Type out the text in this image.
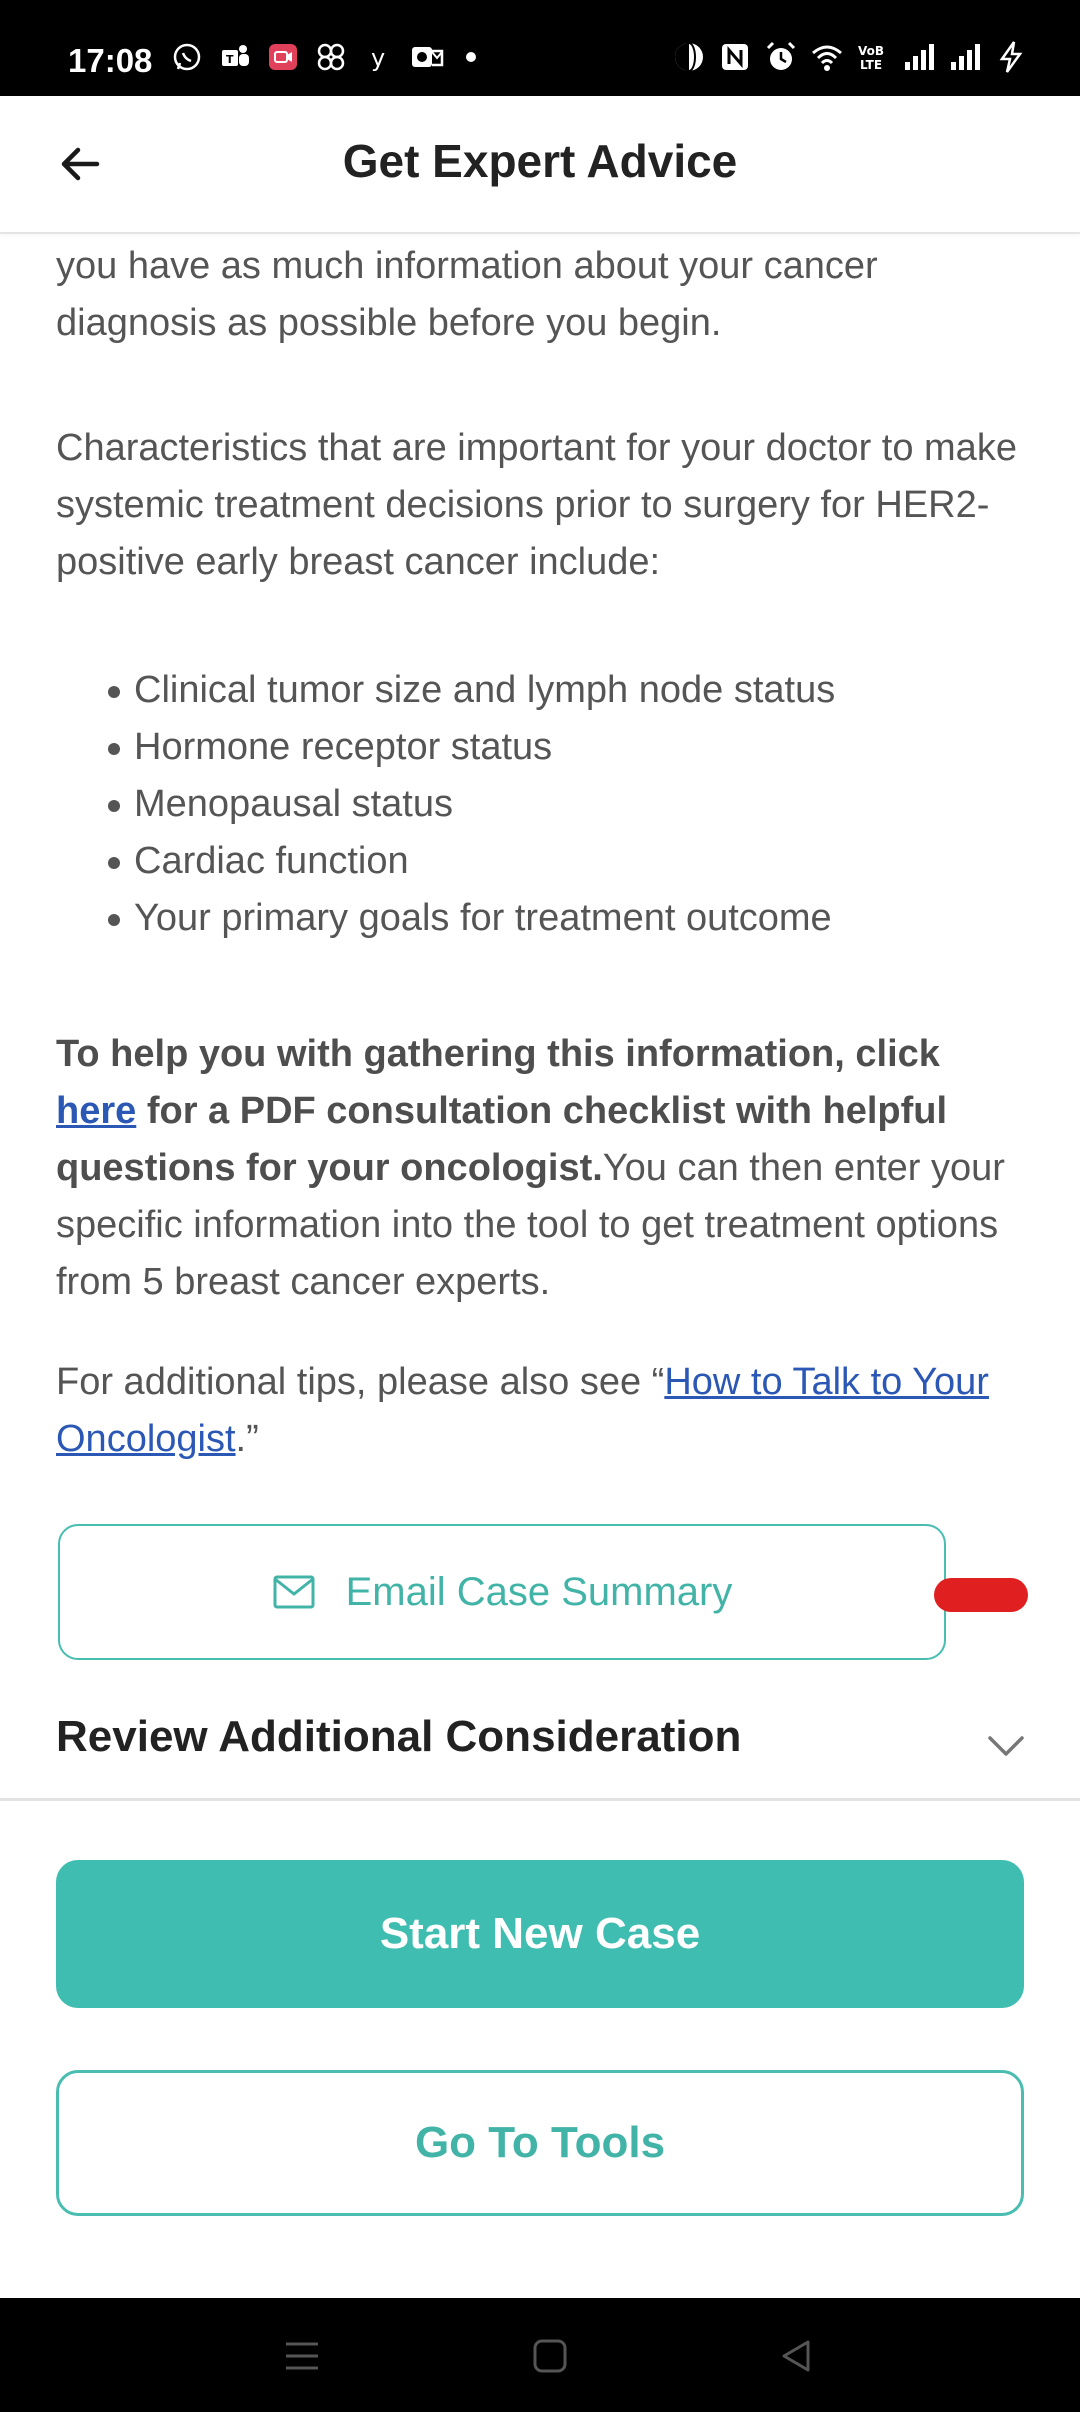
17:08	T	y	VoB
LTE
Get Expert Advice
you have as much information about your cancer
diagnosis as possible before you begin.
Characteristics that are important for your doctor to make systemic treatment decisions prior to surgery for HER2-positive early breast cancer include:
Clinical tumor size and lymph node status
Hormone receptor status
Menopausal status
Cardiac function
Your primary goals for treatment outcome
To help you with gathering this information, click
here for a PDF consultation checklist with helpful questions for your oncologist.You can then enter your specific information into the tool to get treatment options from 5 breast cancer experts.
For additional tips, please also see “How to Talk to Your Oncologist.”
Email Case Summary
Review Additional Consideration
Start New Case
Go To Tools
